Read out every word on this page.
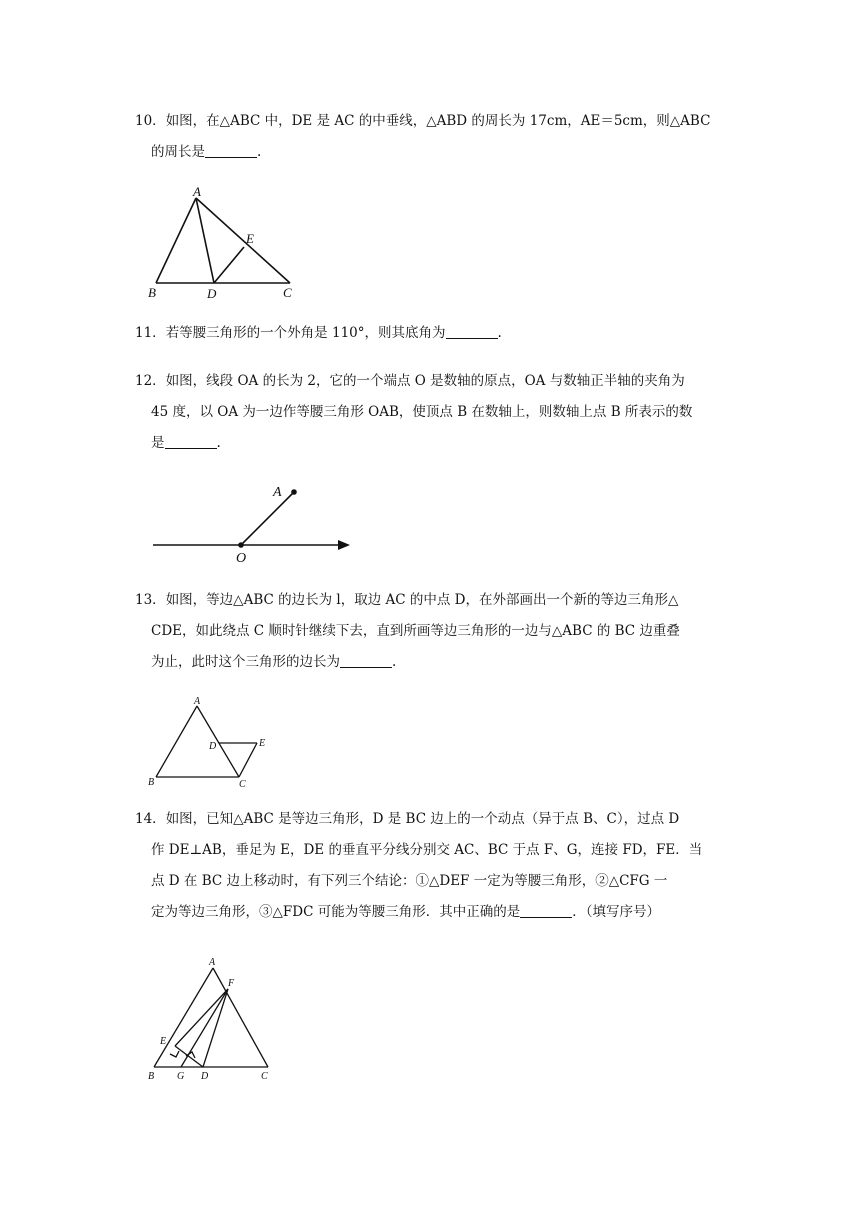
10．如图，在△ABC 中，DE 是 AC 的中垂线，△ABD 的周长为 17cm，AE＝5cm，则△ABC

的周长是	.

A
E
B	D	C

11．若等腰三角形的一个外角是 110°，则其底角为	.

12．如图，线段 OA 的长为 2，它的一个端点 O 是数轴的原点，OA 与数轴正半轴的夹角为

45 度，以 OA 为一边作等腰三角形 OAB，使顶点 B 在数轴上，则数轴上点 B 所表示的数

是	.

A
O

13．如图，等边△ABC 的边长为 l，取边 AC 的中点 D，在外部画出一个新的等边三角形△

CDE，如此绕点 C 顺时针继续下去，直到所画等边三角形的一边与△ABC 的 BC 边重叠

为止，此时这个三角形的边长为	.

A
D	E
B	C

14．如图，已知△ABC 是等边三角形，D 是 BC 边上的一个动点（异于点 B、C），过点 D

作 DE⊥AB，垂足为 E，DE 的垂直平分线分别交 AC、BC 于点 F、G，连接 FD，FE．当

点 D 在 BC 边上移动时，有下列三个结论：①△DEF 一定为等腰三角形，②△CFG 一

定为等边三角形，③△FDC 可能为等腰三角形．其中正确的是	．（填写序号）

A
F
E
B G D	C
